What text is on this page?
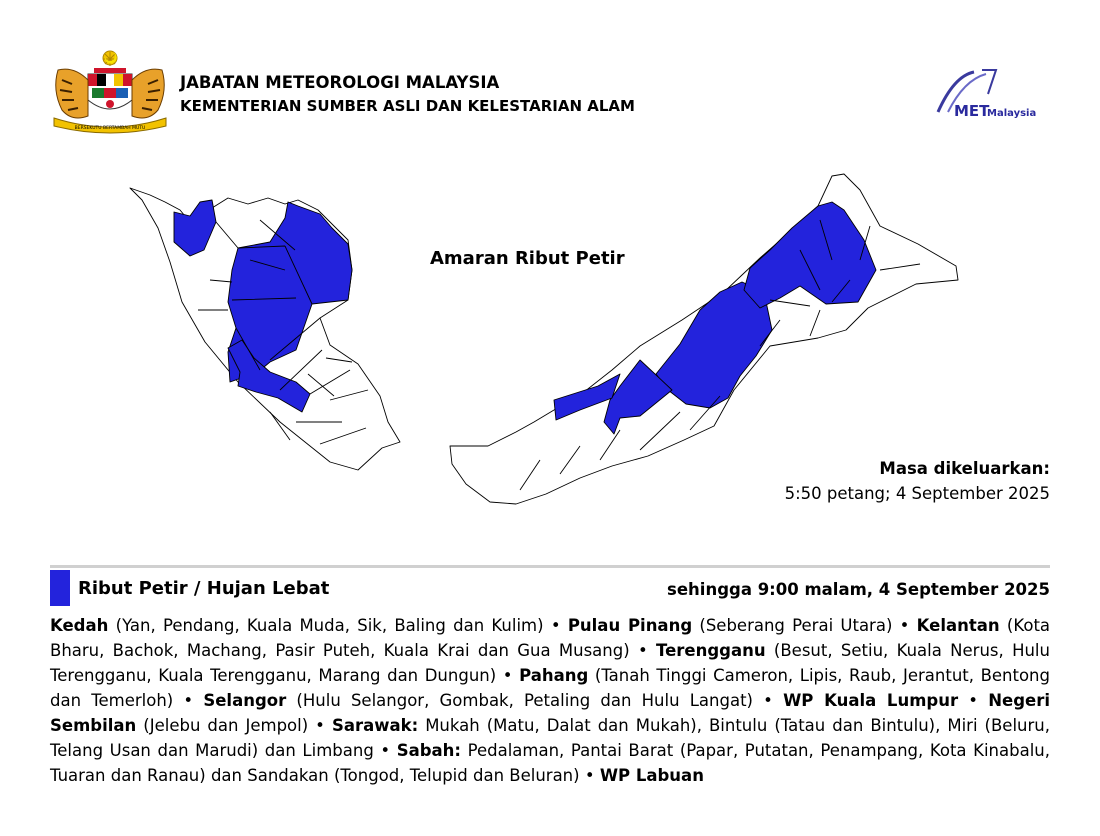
BERSEKUTU BERTAMBAH MUTU
JABATAN METEOROLOGI MALAYSIA
KEMENTERIAN SUMBER ASLI DAN KELESTARIAN ALAM	MET
Malaysia
Amaran Ribut Petir
Masa dikeluarkan:
5:50 petang; 4 September 2025
Ribut Petir / Hujan Lebat	sehingga 9:00 malam, 4 September 2025
Kedah (Yan, Pendang, Kuala Muda, Sik, Baling dan Kulim) • Pulau Pinang (Seberang Perai Utara) • Kelantan (Kota Bharu, Bachok, Machang, Pasir Puteh, Kuala Krai dan Gua Musang) • Terengganu (Besut, Setiu, Kuala Nerus, Hulu Terengganu, Kuala Terengganu, Marang dan Dungun) • Pahang (Tanah Tinggi Cameron, Lipis, Raub, Jerantut, Bentong dan Temerloh) • Selangor (Hulu Selangor, Gombak, Petaling dan Hulu Langat) • WP Kuala Lumpur • Negeri Sembilan (Jelebu dan Jempol) • Sarawak: Mukah (Matu, Dalat dan Mukah), Bintulu (Tatau dan Bintulu), Miri (Beluru, Telang Usan dan Marudi) dan Limbang • Sabah: Pedalaman, Pantai Barat (Papar, Putatan, Penampang, Kota Kinabalu, Tuaran dan Ranau) dan Sandakan (Tongod, Telupid dan Beluran) • WP Labuan
